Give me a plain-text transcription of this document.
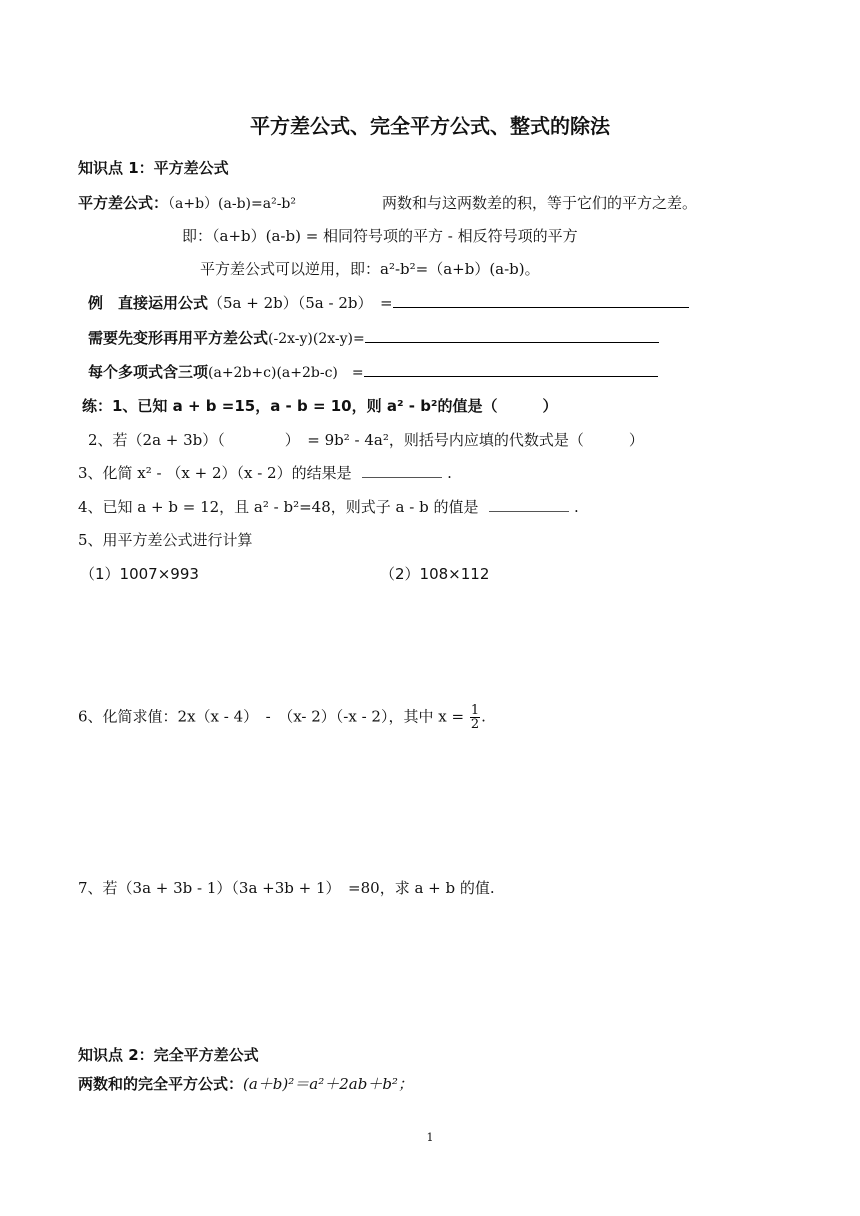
平方差公式、完全平方公式、整式的除法
知识点 1：平方差公式
平方差公式：（a+b）(a-b)=a²-b²	两数和与这两数差的积，等于它们的平方之差。
即：（a+b）(a-b) = 相同符号项的平方 - 相反符号项的平方
平方差公式可以逆用，即：a²-b²=（a+b）(a-b)。
例　直接运用公式（5a + 2b）（5a - 2b）　=
需要先变形再用平方差公式(-2x-y)(2x-y)=
每个多项式含三项(a+2b+c)(a+2b-c)　=
练：1、已知 a + b =15，a - b = 10，则 a² - b²的值是（　　　）
2、若（2a + 3b）（　　　　）　= 9b² - 4a²，则括号内应填的代数式是（　　　）
3、化简 x² - （x + 2）（x - 2）的结果是	.
4、已知 a + b = 12，且 a² - b²=48，则式子 a - b 的值是	.
5、用平方差公式进行计算
（1）1007×993	（2）108×112
6、化简求值：2x（x - 4）　-　（x- 2）（-x - 2），其中 $x = \frac{1}{2}$ .
7、若（3a + 3b - 1）（3a +3b + 1）　=80，求 a + b 的值.
知识点 2：完全平方差公式
两数和的完全平方公式：(a＋b)²＝a²＋2ab＋b²；
1
